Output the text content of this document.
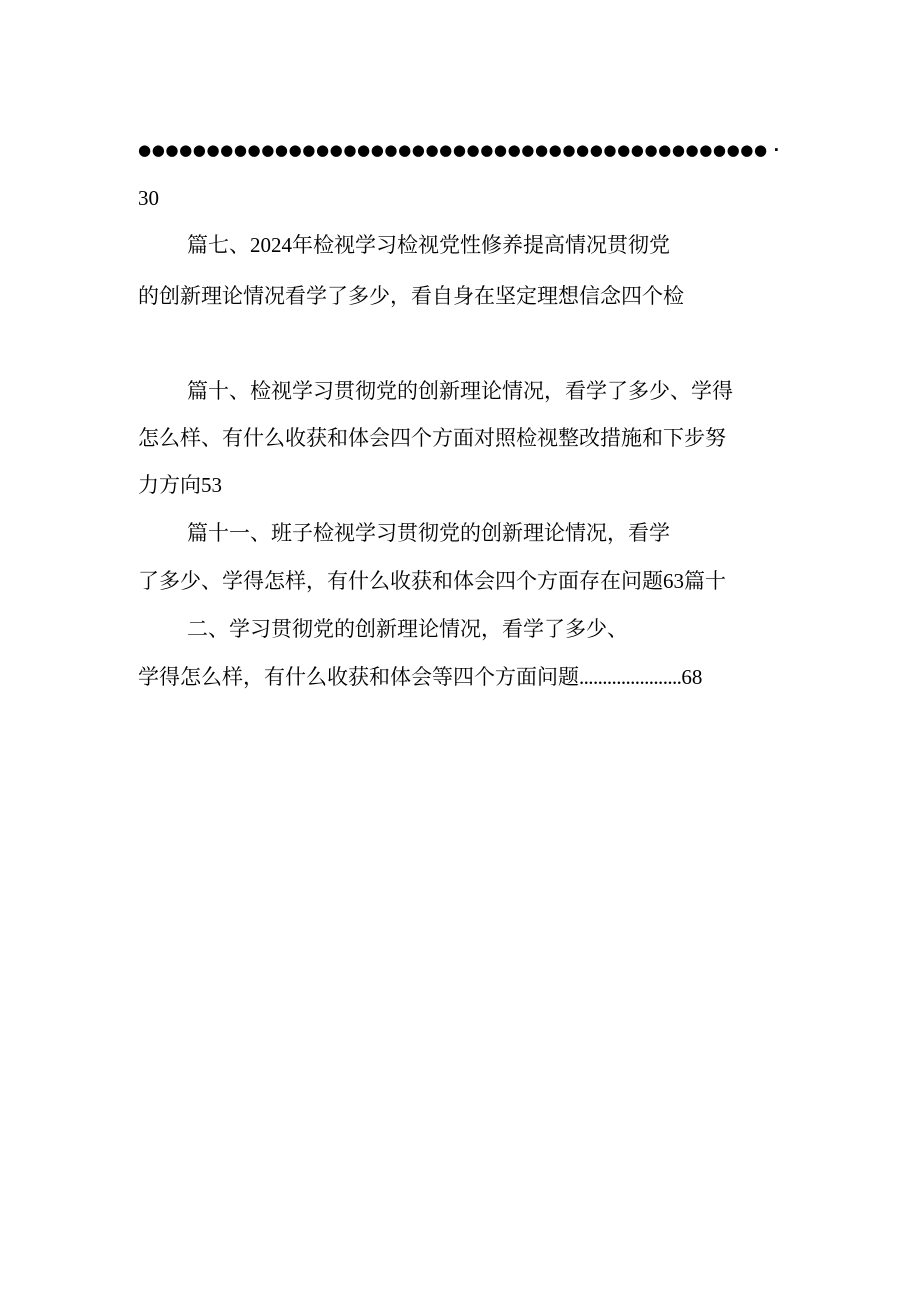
●●●●●●●●●●●●●●●●●●●●●●●●●●●●●●●●●●●●●●●●●●●●●● ·
30
篇七、2024年检视学习检视党性修养提高情况贯彻党
的创新理论情况看学了多少，看自身在坚定理想信念四个检
篇十、检视学习贯彻党的创新理论情况，看学了多少、学得
怎么样、有什么收获和体会四个方面对照检视整改措施和下步努
力方向53
篇十一、班子检视学习贯彻党的创新理论情况，看学
了多少、学得怎样，有什么收获和体会四个方面存在问题63篇十
二、学习贯彻党的创新理论情况，看学了多少、
学得怎么样，有什么收获和体会等四个方面问题......................68
